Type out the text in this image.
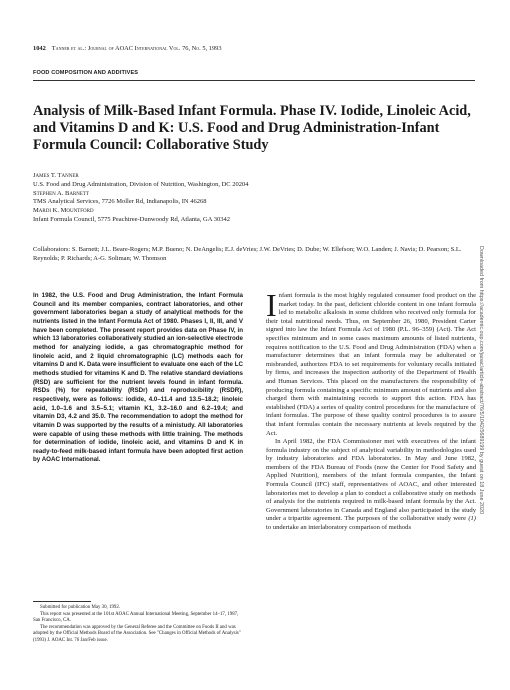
1042 Tanner et al.: Journal of AOAC International Vol. 76, No. 5, 1993
FOOD COMPOSITION AND ADDITIVES
Analysis of Milk-Based Infant Formula. Phase IV. Iodide, Linoleic Acid, and Vitamins D and K: U.S. Food and Drug Administration-Infant Formula Council: Collaborative Study
James T. Tanner
U.S. Food and Drug Administration, Division of Nutrition, Washington, DC 20204
Stephen A. Barnett
TMS Analytical Services, 7726 Moller Rd, Indianapolis, IN 46268
Mardi K. Mountford
Infant Formula Council, 5775 Peachtree-Dunwoody Rd, Atlanta, GA 30342
Collaborators: S. Barnett; J.L. Beare-Rogers; M.P. Bueno; N. DeAngelis; E.J. deVries; J.W. DeVries; D. Dube; W. Ellefson; W.O. Landen; J. Navis; D. Pearson; S.L. Reynolds; P. Richards; A-G. Soliman; W. Thomson

In 1982, the U.S. Food and Drug Administration, the Infant Formula Council and its member companies, contract laboratories, and other government laboratories began a study of analytical methods for the nutrients listed in the Infant Formula Act of 1980. Phases I, II, III, and V have been completed. The present report provides data on Phase IV, in which 13 laboratories collaboratively studied an ion-selective electrode method for analyzing iodide, a gas chromatographic method for linoleic acid, and 2 liquid chromatographic (LC) methods each for vitamins D and K. Data were insufficient to evaluate one each of the LC methods studied for vitamins K and D. The relative standard deviations (RSD) are sufficient for the nutrient levels found in infant formula. RSDs (%) for repeatability (RSDr) and reproducibility (RSDR), respectively, were as follows: iodide, 4.0–11.4 and 13.5–18.2; linoleic acid, 1.0–1.6 and 3.5–5.1; vitamin K1, 3.2–16.0 and 6.2–19.4; and vitamin D3, 4.2 and 35.0. The recommendation to adopt the method for vitamin D was supported by the results of a ministudy. All laboratories were capable of using these methods with little training. The methods for determination of iodide, linoleic acid, and vitamins D and K in ready-to-feed milk-based infant formula have been adopted first action by AOAC International.

Infant formula is the most highly regulated consumer food product on the market today. In the past, deficient chloride content in one infant formula led to metabolic alkalosis in some children who received only formula for their total nutritional needs. Thus, on September 26, 1980, President Carter signed into law the Infant Formula Act of 1980 (P.L. 96–359) (Act). The Act specifies minimum and in some cases maximum amounts of listed nutrients, requires notification to the U.S. Food and Drug Administration (FDA) when a manufacturer determines that an infant formula may be adulterated or misbranded, authorizes FDA to set requirements for voluntary recalls initiated by firms, and increases the inspection authority of the Department of Health and Human Services. This placed on the manufacturers the responsibility of producing formula containing a specific minimum amount of nutrients and also charged them with maintaining records to support this action. FDA has established (FDA) a series of quality control procedures for the manufacture of infant formulas. The purpose of these quality control procedures is to assure that infant formulas contain the necessary nutrients at levels required by the Act.

In April 1982, the FDA Commissioner met with executives of the infant formula industry on the subject of analytical variability in methodologies used by industry laboratories and FDA laboratories. In May and June 1982, members of the FDA Bureau of Foods (now the Center for Food Safety and Applied Nutrition), members of the infant formula companies, the Infant Formula Council (IFC) staff, representatives of AOAC, and other interested laboratories met to develop a plan to conduct a collaborative study on methods of analysis for the nutrients required in milk-based infant formula by the Act. Government laboratories in Canada and England also participated in the study under a tripartite agreement. The purposes of the collaborative study were (1) to undertake an interlaboratory comparison of methods

Submitted for publication May 30, 1992.

This report was presented at the 101st AOAC Annual International Meeting, September 14–17, 1987, San Francisco, CA.

The recommendation was approved by the General Referee and the Committee on Foods II and was adopted by the Official Methods Board of the Association. See "Changes in Official Methods of Analysis" (1993) J. AOAC Int. 76 Jan/Feb issue.

Downloaded from https://academic.oup.com/jaoac/article-abstract/76/5/1042/5689199 by guest on 18 June 2020
